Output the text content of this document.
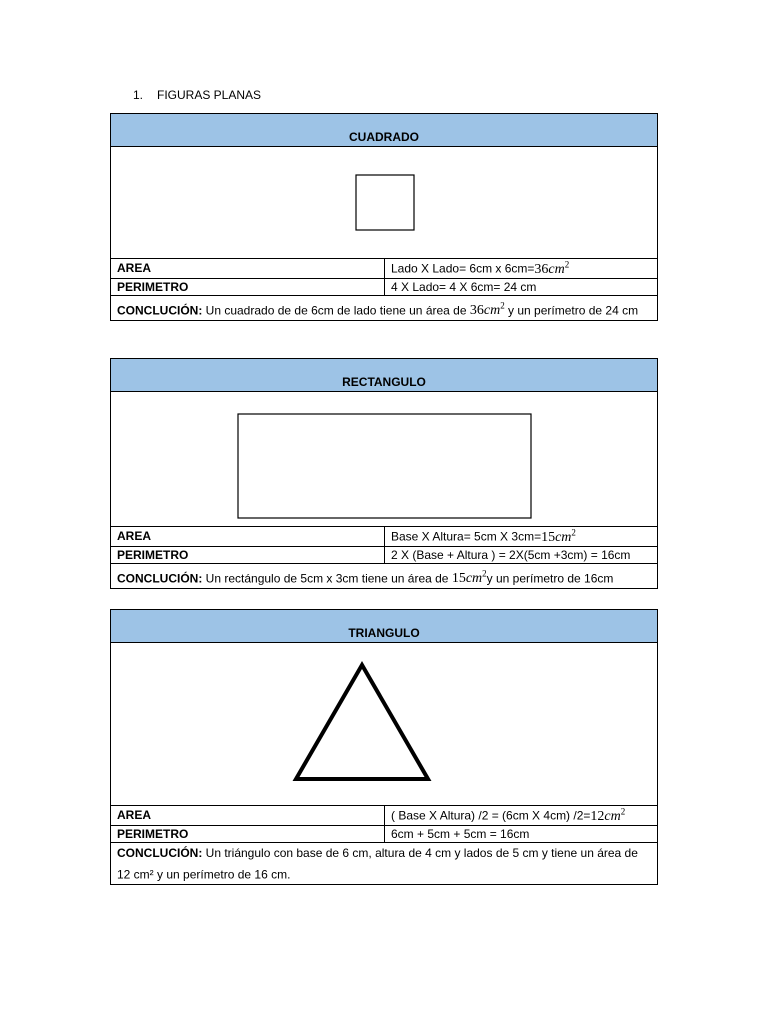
1. FIGURAS PLANAS
CUADRADO	

AREA	Lado X Lado= 6cm x $6cm=36cm^2$
PERIMETRO	4 X Lado= 4 X 6cm= 24 cm
CONCLUCIÓN: Un cuadrado de de 6cm de lado tiene un área de $36cm^2$ y un perímetro de 24 cm	
RECTANGULO	

AREA	Base X Altura= 5cm X $3cm=15cm^2$
PERIMETRO	2 X (Base + Altura ) = 2X(5cm +3cm) = 16cm
CONCLUCIÓN: Un rectángulo de 5cm x 3cm tiene un área de $15cm^2y$ un perímetro de 16cm	
TRIANGULO	

AREA	( Base X Altura) /2 = (6cm X 4cm) $/2=12cm^2$
PERIMETRO	6cm + 5cm + 5cm = 16cm
CONCLUCIÓN: Un triángulo con base de 6 cm, altura de 4 cm y lados de 5 cm y tiene un área de 12 cm² y un perímetro de 16 cm.	
